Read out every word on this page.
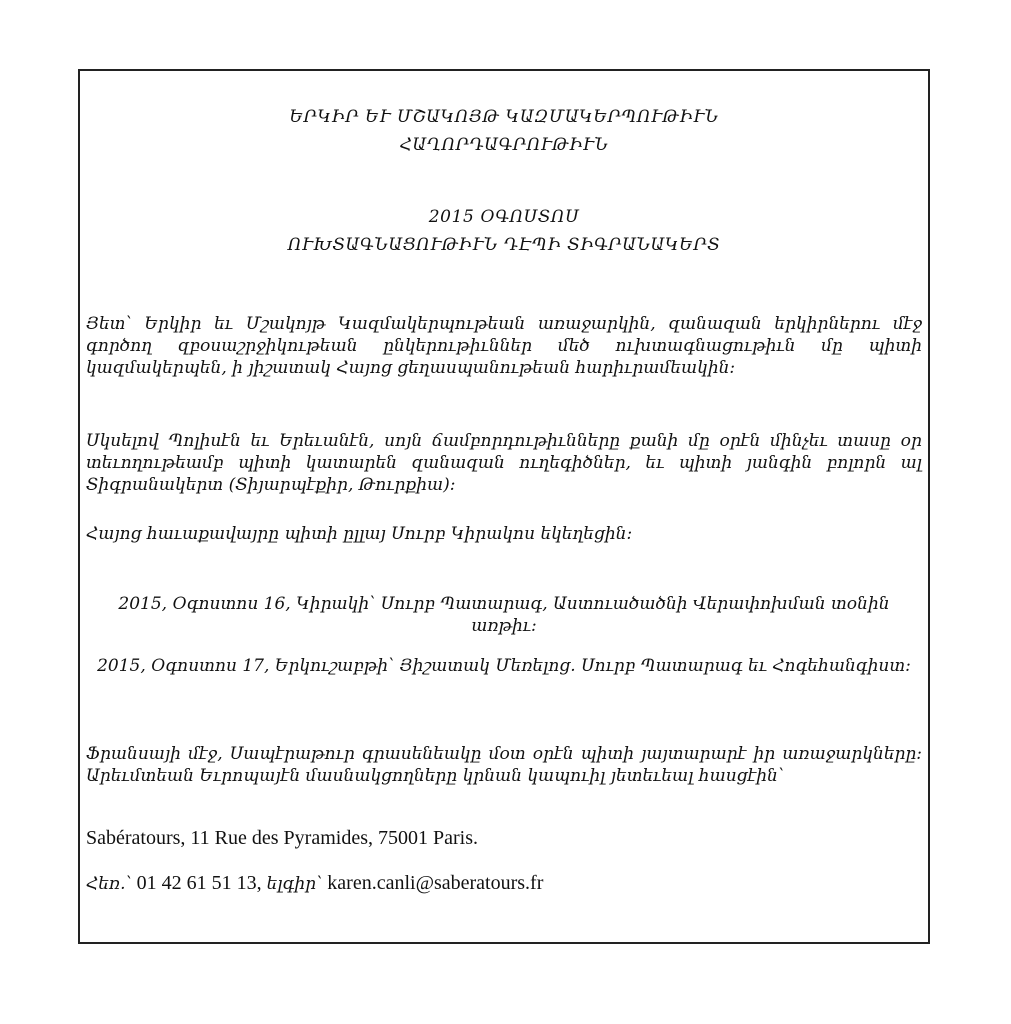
ԵՐԿԻՐ ԵՒ ՄՇԱԿՈՅԹ ԿԱԶՄԱԿԵՐՊՈՒԹԻՒՆ
ՀԱՂՈՐԴԱԳՐՈՒԹԻՒՆ
2015 ՕԳՈՍՏՈՍ
ՈՒԽՏԱԳՆԱՑՈՒԹԻՒՆ ԴԷՊԻ ՏԻԳՐԱՆԱԿԵՐՏ
Յետ՝ Երկիր եւ Մշակոյթ Կազմակերպութեան առաջարկին, զանազան երկիրներու մէջ գործող զբօսաշրջիկութեան ընկերութիւններ մեծ ուխտագնացութիւն մը պիտի կազմակերպեն, ի յիշատակ Հայոց ցեղասպանութեան հարիւրամեակին:
Սկսելով Պոլիսէն եւ Երեւանէն, սոյն ճամբորդութիւնները քանի մը օրէն մինչեւ տասը օր տեւողութեամբ պիտի կատարեն զանազան ուղեգիծներ, եւ պիտի յանգին բոլորն ալ Տիգրանակերտ (Տիյարպէքիր, Թուրքիա):
Հայոց հաւաքավայրը պիտի ըլլայ Սուրբ Կիրակոս եկեղեցին:
2015, Օգոստոս 16, Կիրակի՝ Սուրբ Պատարագ, Աստուածածնի Վերափոխման տօնին առթիւ:
2015, Օգոստոս 17, Երկուշաբթի՝ Յիշատակ Մեռելոց. Սուրբ Պատարագ եւ Հոգեհանգիստ:
Ֆրանսայի մէջ, Սապէրաթուր գրասենեակը մօտ օրէն պիտի յայտարարէ իր առաջարկները: Արեւմտեան Եւրոպայէն մասնակցողները կրնան կապուիլ յետեւեալ հասցէին՝
Sabératours, 11 Rue des Pyramides, 75001 Paris.
Հեռ.՝ 01 42 61 51 13, ելգիր՝ karen.canli@saberatours.fr
